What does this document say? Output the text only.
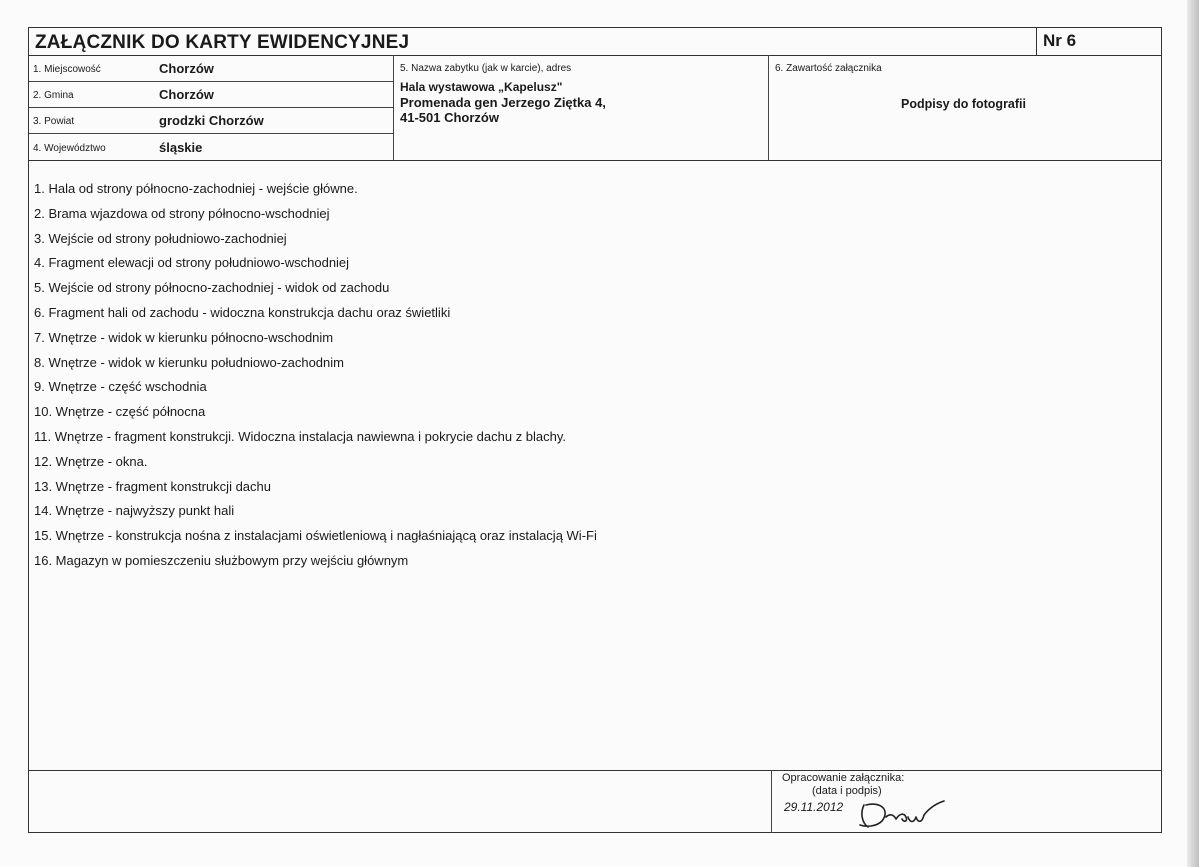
ZAŁĄCZNIK DO KARTY EWIDENCYJNEJ	Nr 6
1. Miejscowość	Chorzów
2. Gmina	Chorzów
3. Powiat	grodzki Chorzów
4. Województwo	śląskie
5. Nazwa zabytku (jak w karcie), adres
Hala wystawowa „Kapelusz"
Promenada gen Jerzego Ziętka 4,
41-501 Chorzów
6. Zawartość załącznika
Podpisy do fotografii
1. Hala od strony północno-zachodniej - wejście główne.
2. Brama wjazdowa od strony północno-wschodniej
3. Wejście od strony południowo-zachodniej
4. Fragment elewacji od strony południowo-wschodniej
5. Wejście od strony północno-zachodniej - widok od zachodu
6. Fragment hali od zachodu - widoczna konstrukcja dachu oraz świetliki
7. Wnętrze - widok w kierunku północno-wschodnim
8. Wnętrze - widok w kierunku południowo-zachodnim
9. Wnętrze - część wschodnia
10. Wnętrze - część północna
11. Wnętrze - fragment konstrukcji. Widoczna instalacja nawiewna i pokrycie dachu z blachy.
12. Wnętrze - okna.
13. Wnętrze - fragment konstrukcji dachu
14. Wnętrze - najwyższy punkt hali
15. Wnętrze - konstrukcja nośna z instalacjami oświetleniową i nagłaśniającą oraz instalacją Wi-Fi
16. Magazyn w pomieszczeniu służbowym przy wejściu głównym
Opracowanie załącznika:
(data i podpis)
29.11.2012
